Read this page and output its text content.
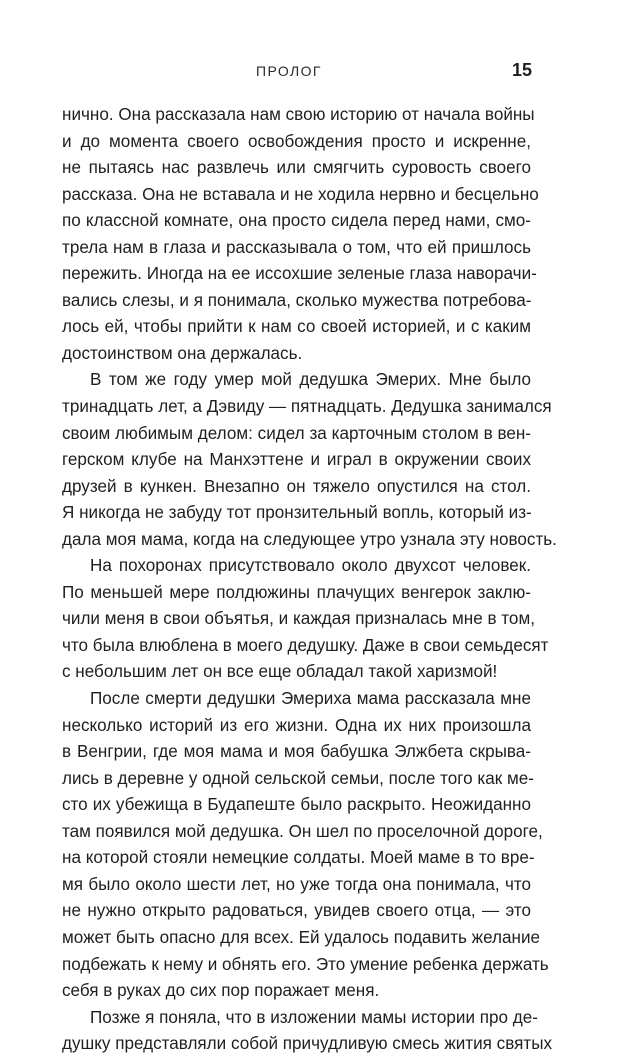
ПРОЛОГ	15
нично. Она рассказала нам свою историю от начала войны
и до момента своего освобождения просто и искренне,
не пытаясь нас развлечь или смягчить суровость своего
рассказа. Она не вставала и не ходила нервно и бесцельно
по классной комнате, она просто сидела перед нами, смо-
трела нам в глаза и рассказывала о том, что ей пришлось
пережить. Иногда на ее иссохшие зеленые глаза наворачи-
вались слезы, и я понимала, сколько мужества потребова-
лось ей, чтобы прийти к нам со своей историей, и с каким
достоинством она держалась.
В том же году умер мой дедушка Эмерих. Мне было
тринадцать лет, а Дэвиду — пятнадцать. Дедушка занимался
своим любимым делом: сидел за карточным столом в вен-
герском клубе на Манхэттене и играл в окружении своих
друзей в кункен. Внезапно он тяжело опустился на стол.
Я никогда не забуду тот пронзительный вопль, который из-
дала моя мама, когда на следующее утро узнала эту новость.
На похоронах присутствовало около двухсот человек.
По меньшей мере полдюжины плачущих венгерок заклю-
чили меня в свои объятья, и каждая призналась мне в том,
что была влюблена в моего дедушку. Даже в свои семьдесят
с небольшим лет он все еще обладал такой харизмой!
После смерти дедушки Эмериха мама рассказала мне
несколько историй из его жизни. Одна их них произошла
в Венгрии, где моя мама и моя бабушка Элжбета скрыва-
лись в деревне у одной сельской семьи, после того как ме-
сто их убежища в Будапеште было раскрыто. Неожиданно
там появился мой дедушка. Он шел по проселочной дороге,
на которой стояли немецкие солдаты. Моей маме в то вре-
мя было около шести лет, но уже тогда она понимала, что
не нужно открыто радоваться, увидев своего отца, — это
может быть опасно для всех. Ей удалось подавить желание
подбежать к нему и обнять его. Это умение ребенка держать
себя в руках до сих пор поражает меня.
Позже я поняла, что в изложении мамы истории про де-
душку представляли собой причудливую смесь жития святых
